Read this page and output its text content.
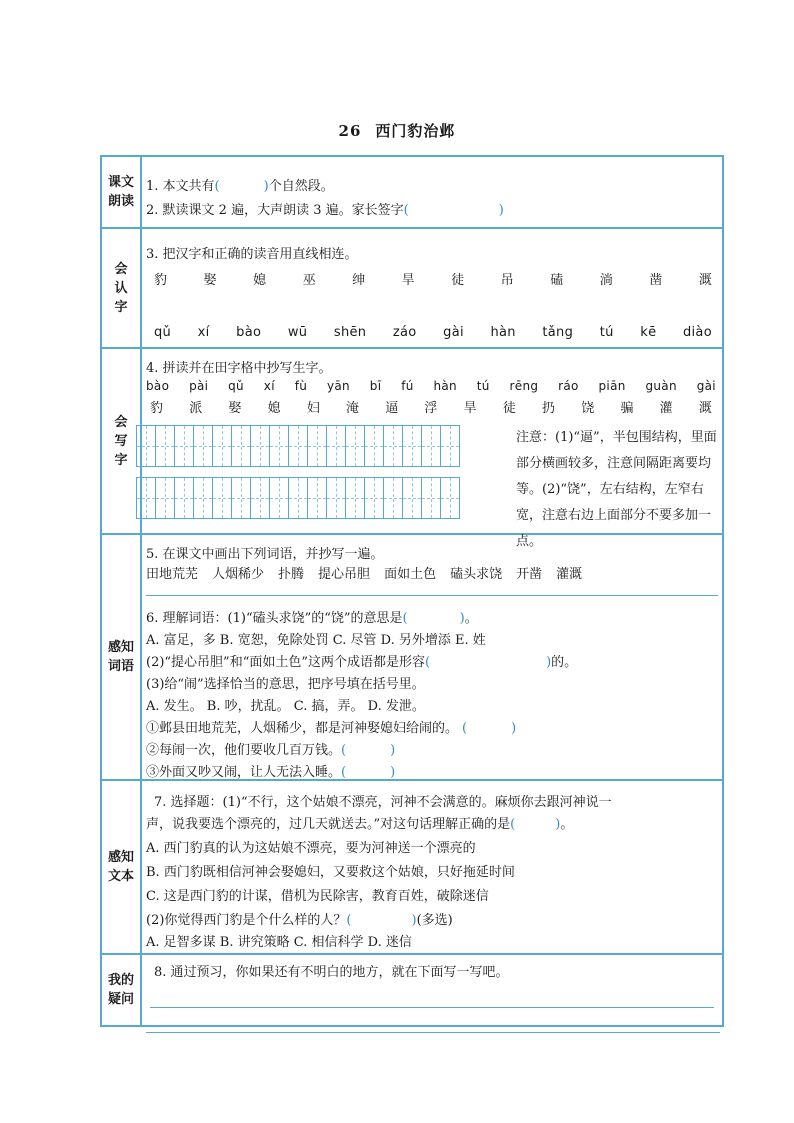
26 西门豹治邺
课文
朗读
1. 本文共有(	)个自然段。
2. 默读课文 2 遍，大声朗读 3 遍。家长签字(	)
会
认
字
3. 把汉字和正确的读音用直线相连。
豹	娶	媳	巫	绅	旱	徒	吊	磕	淌	凿	溉
qǔ xí bào wū shēn záo gài hàn tǎng tú kē diào
会
写
字
4. 拼读并在田字格中抄写生字。
bào pài qǔ xí fù yān bī fú hàn tú rēng ráo piān guàn gài
豹 派 娶 媳 妇 淹 逼 浮 旱 徒 扔 饶 骗 灌 溉
注意：(1)“逼”，半包围结构，里面部分横画较多，注意间隔距离要均等。(2)“饶”，左右结构，左窄右宽，注意右边上面部分不要多加一点。
感知
词语
5. 在课文中画出下列词语，并抄写一遍。
田地荒芜 人烟稀少 扑腾 提心吊胆 面如土色 磕头求饶 开凿 灌溉
6. 理解词语：(1)“磕头求饶”的“饶”的意思是(	)。
A. 富足，多 B. 宽恕，免除处罚 C. 尽管 D. 另外增添 E. 姓
(2)“提心吊胆”和“面如土色”这两个成语都是形容(	)的。
(3)给“闹”选择恰当的意思，把序号填在括号里。
A. 发生。 B. 吵，扰乱。 C. 搞，弄。 D. 发泄。
①邺县田地荒芜，人烟稀少，都是河神娶媳妇给闹的。 (	)
②每闹一次，他们要收几百万钱。(	)
③外面又吵又闹，让人无法入睡。(	)
感知
文本
7. 选择题：(1)“不行，这个姑娘不漂亮，河神不会满意的。麻烦你去跟河神说一
声，说我要选个漂亮的，过几天就送去。”对这句话理解正确的是(	)。
A. 西门豹真的认为这姑娘不漂亮，要为河神送一个漂亮的
B. 西门豹既相信河神会娶媳妇，又要救这个姑娘，只好拖延时间
C. 这是西门豹的计谋，借机为民除害，教育百姓，破除迷信
(2)你觉得西门豹是个什么样的人？(	)(多选)
A. 足智多谋 B. 讲究策略 C. 相信科学 D. 迷信
我的
疑问
8. 通过预习，你如果还有不明白的地方，就在下面写一写吧。
